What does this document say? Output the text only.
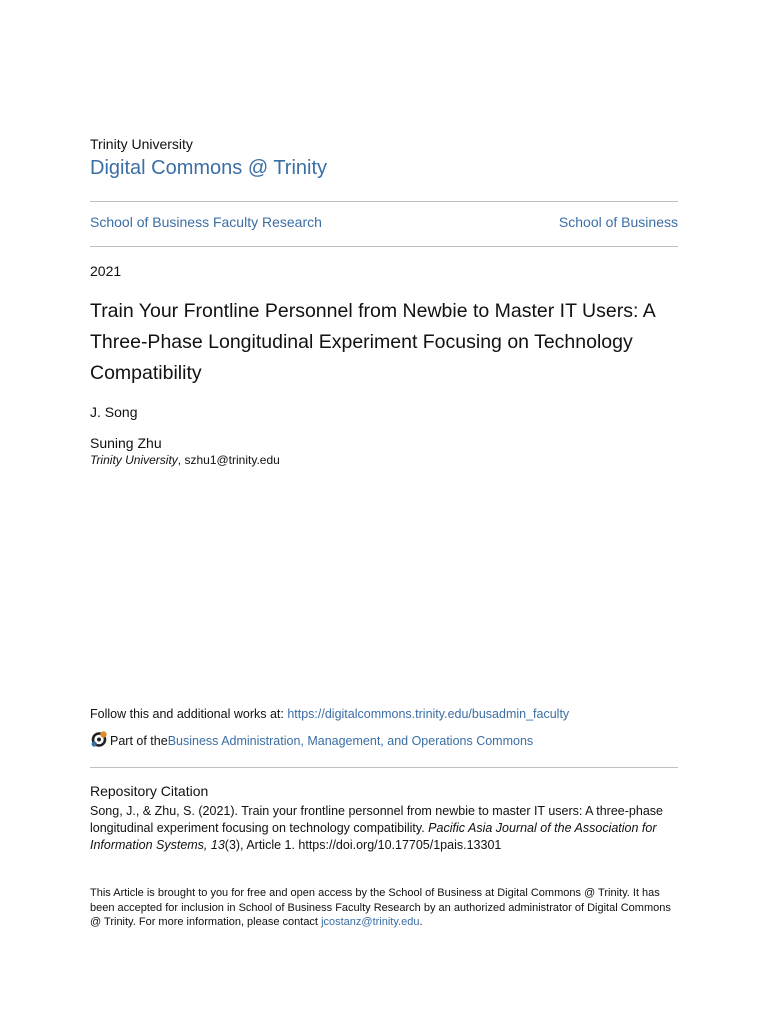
Trinity University
Digital Commons @ Trinity
School of Business Faculty Research	School of Business
2021
Train Your Frontline Personnel from Newbie to Master IT Users: A Three-Phase Longitudinal Experiment Focusing on Technology Compatibility
J. Song
Suning Zhu
Trinity University, szhu1@trinity.edu
Follow this and additional works at: https://digitalcommons.trinity.edu/busadmin_faculty
Part of the Business Administration, Management, and Operations Commons
Repository Citation
Song, J., & Zhu, S. (2021). Train your frontline personnel from newbie to master IT users: A three-phase longitudinal experiment focusing on technology compatibility. Pacific Asia Journal of the Association for Information Systems, 13(3), Article 1. https://doi.org/10.17705/1pais.13301
This Article is brought to you for free and open access by the School of Business at Digital Commons @ Trinity. It has been accepted for inclusion in School of Business Faculty Research by an authorized administrator of Digital Commons @ Trinity. For more information, please contact jcostanz@trinity.edu.
